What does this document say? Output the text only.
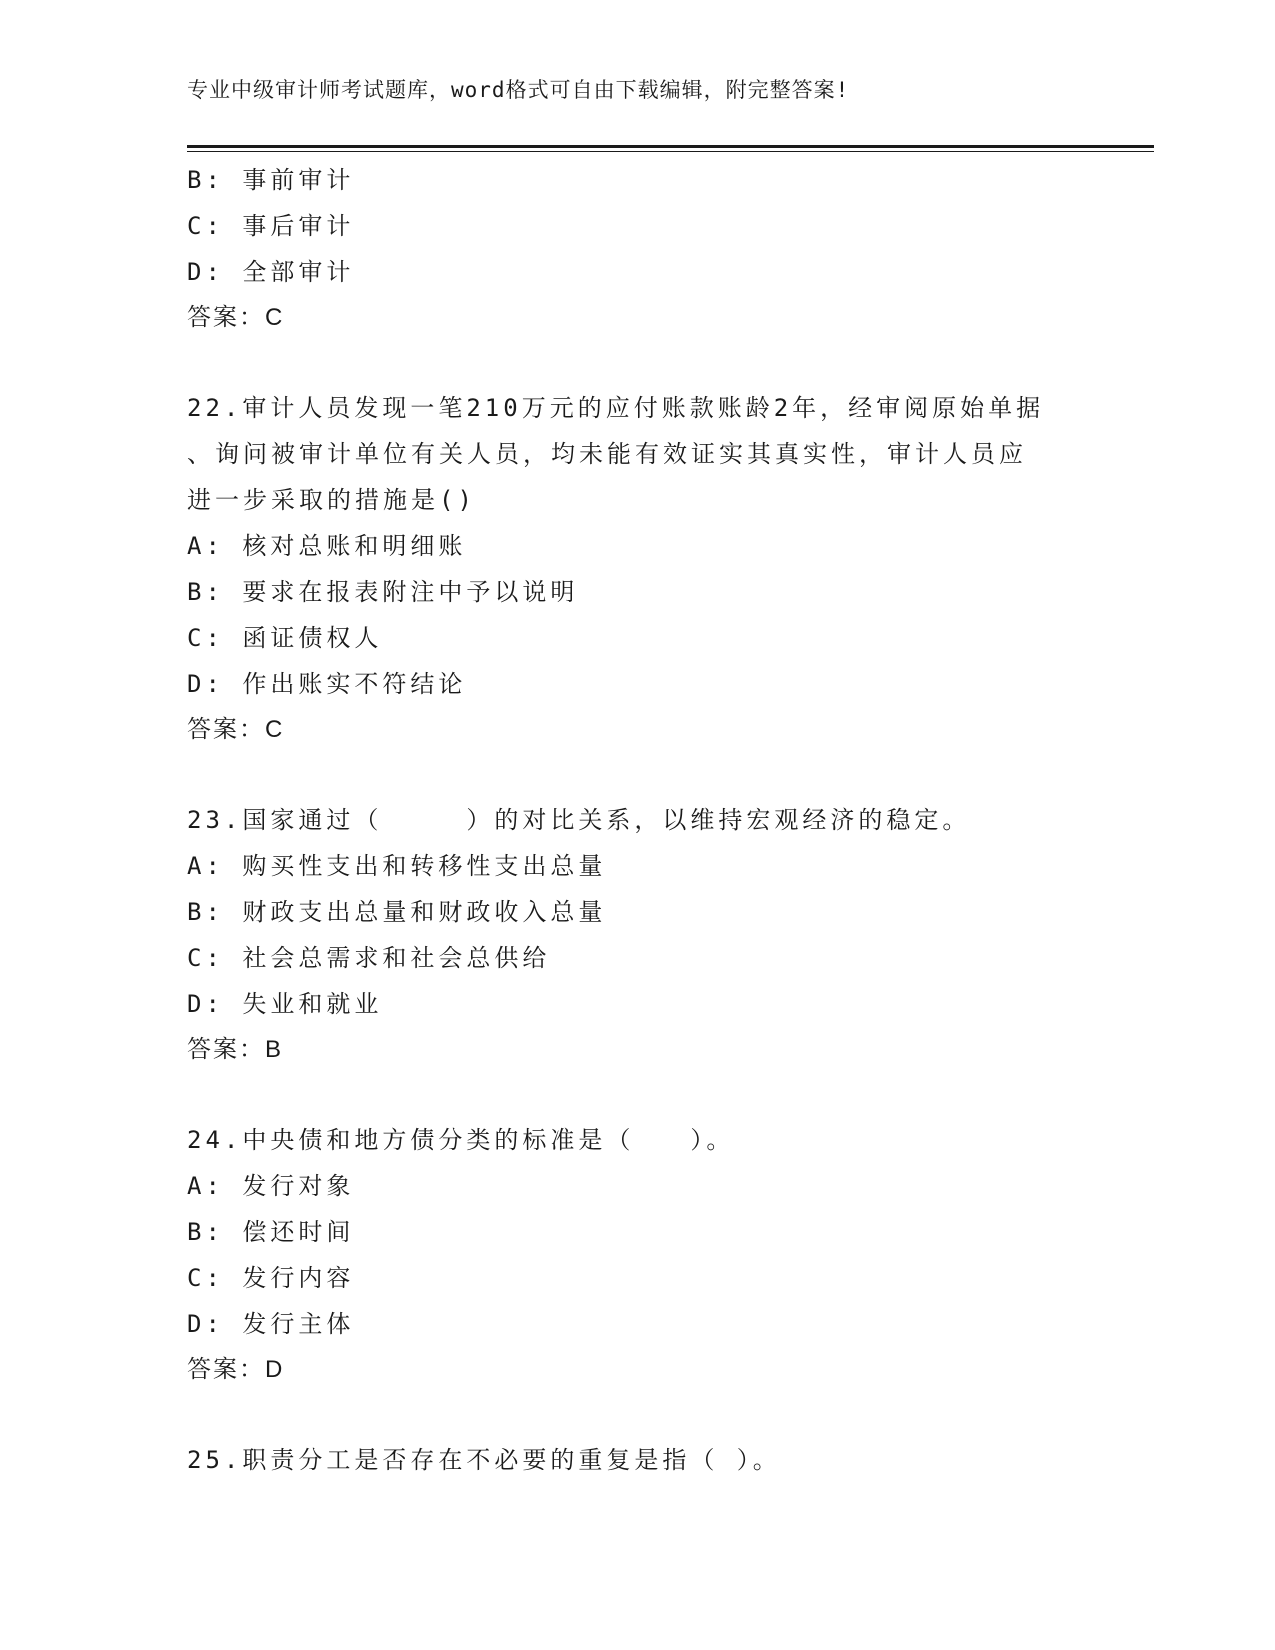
专业中级审计师考试题库，word格式可自由下载编辑，附完整答案!
B: 事前审计
C: 事后审计
D: 全部审计
答案：C
22.审计人员发现一笔210万元的应付账款账龄2年，经审阅原始单据
、询问被审计单位有关人员，均未能有效证实其真实性，审计人员应
进一步采取的措施是()
A: 核对总账和明细账
B: 要求在报表附注中予以说明
C: 函证债权人
D: 作出账实不符结论
答案：C
23.国家通过（　　　）的对比关系，以维持宏观经济的稳定。
A: 购买性支出和转移性支出总量
B: 财政支出总量和财政收入总量
C: 社会总需求和社会总供给
D: 失业和就业
答案：B
24.中央债和地方债分类的标准是（　　）。
A: 发行对象
B: 偿还时间
C: 发行内容
D: 发行主体
答案：D
25.职责分工是否存在不必要的重复是指（ ）。
